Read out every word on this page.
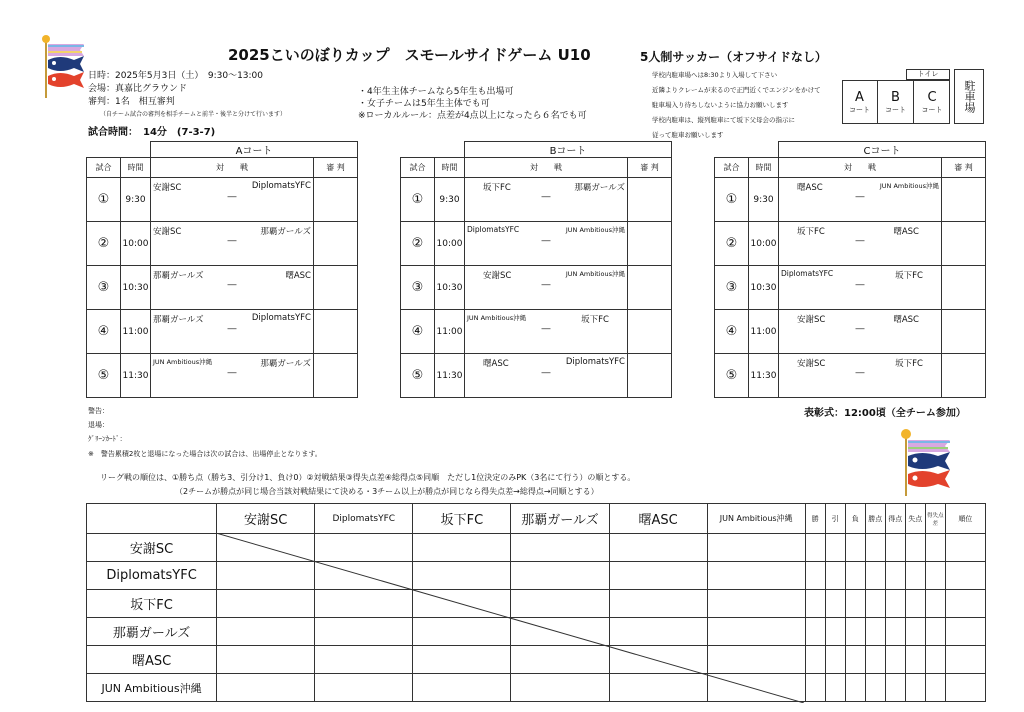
2025こいのぼりカップ　スモールサイドゲーム U10	5人制サッカー（オフサイドなし）
日時：2025年5月3日（土）　9:30〜13:00
会場：真嘉比グラウンド
審判：1名　相互審判
（自チーム試合の審判を相手チームと前半・後半と分けて行います）
試合時間：　14分　(7-3-7)
・4年生主体チームなら5年生も出場可
・女子チームは5年生主体でも可
※ローカルルール：点差が4点以上になったら６名でも可
学校内駐車場へは8:30より入場して下さい
近隣よりクレームが来るので正門近くでエンジンをかけて
駐車場入り待ちしないように協力お願いします
学校内駐車は、縦列駐車にて坂下父母会の指示に
従って駐車お願いします
トイレ
A
コート
B
コート
C
コート	駐車場
		Aコート	
試合	時間	対　　戦	審 判
①	9:30	安謝SC DiplomatsYFC
―	

②	10:00	安謝SC 那覇ガールズ
―	

③	10:30	那覇ガールズ 曙ASC
―	

④	11:00	那覇ガールズ DiplomatsYFC
―	

⑤	11:30	JUN Ambitious沖縄 那覇ガールズ
―	

		Bコート	
試合	時間	対　　戦	審 判
①	9:30	坂下FC 那覇ガールズ
―	

②	10:00	DiplomatsYFC JUN Ambitious沖縄
―	

③	10:30	安謝SC JUN Ambitious沖縄
―	

④	11:00	JUN Ambitious沖縄 坂下FC
―	

⑤	11:30	曙ASC DiplomatsYFC
―	

		Cコート	
試合	時間	対　　戦	審 判
①	9:30	曙ASC JUN Ambitious沖縄
―	

②	10:00	坂下FC 曙ASC
―	

③	10:30	DiplomatsYFC 坂下FC
―	

④	11:00	安謝SC 曙ASC
―	

⑤	11:30	安謝SC 坂下FC
―	

警告：
退場：
ｸﾞﾘｰﾝｶｰﾄﾞ：
※　警告累積2枚と退場になった場合は次の試合は、出場停止となります。
表彰式：12:00頃（全チーム参加）
リーグ戦の順位は、①勝ち点（勝ち3、引分け1、負け0）②対戦結果③得失点差④総得点⑤同順　ただし1位決定のみPK（3名にて行う）の順とする。
（2チームが勝点が同じ場合当該対戦結果にて決める・3チーム以上が勝点が同じなら得失点差→総得点→同順とする）
	安謝SC	DiplomatsYFC	坂下FC	那覇ガールズ	曙ASC	JUN Ambitious沖縄	勝	引	負	勝点	得点	失点	得失点差	順位
安謝SC														
DiplomatsYFC														
坂下FC														
那覇ガールズ														
曙ASC														
JUN Ambitious沖縄														
